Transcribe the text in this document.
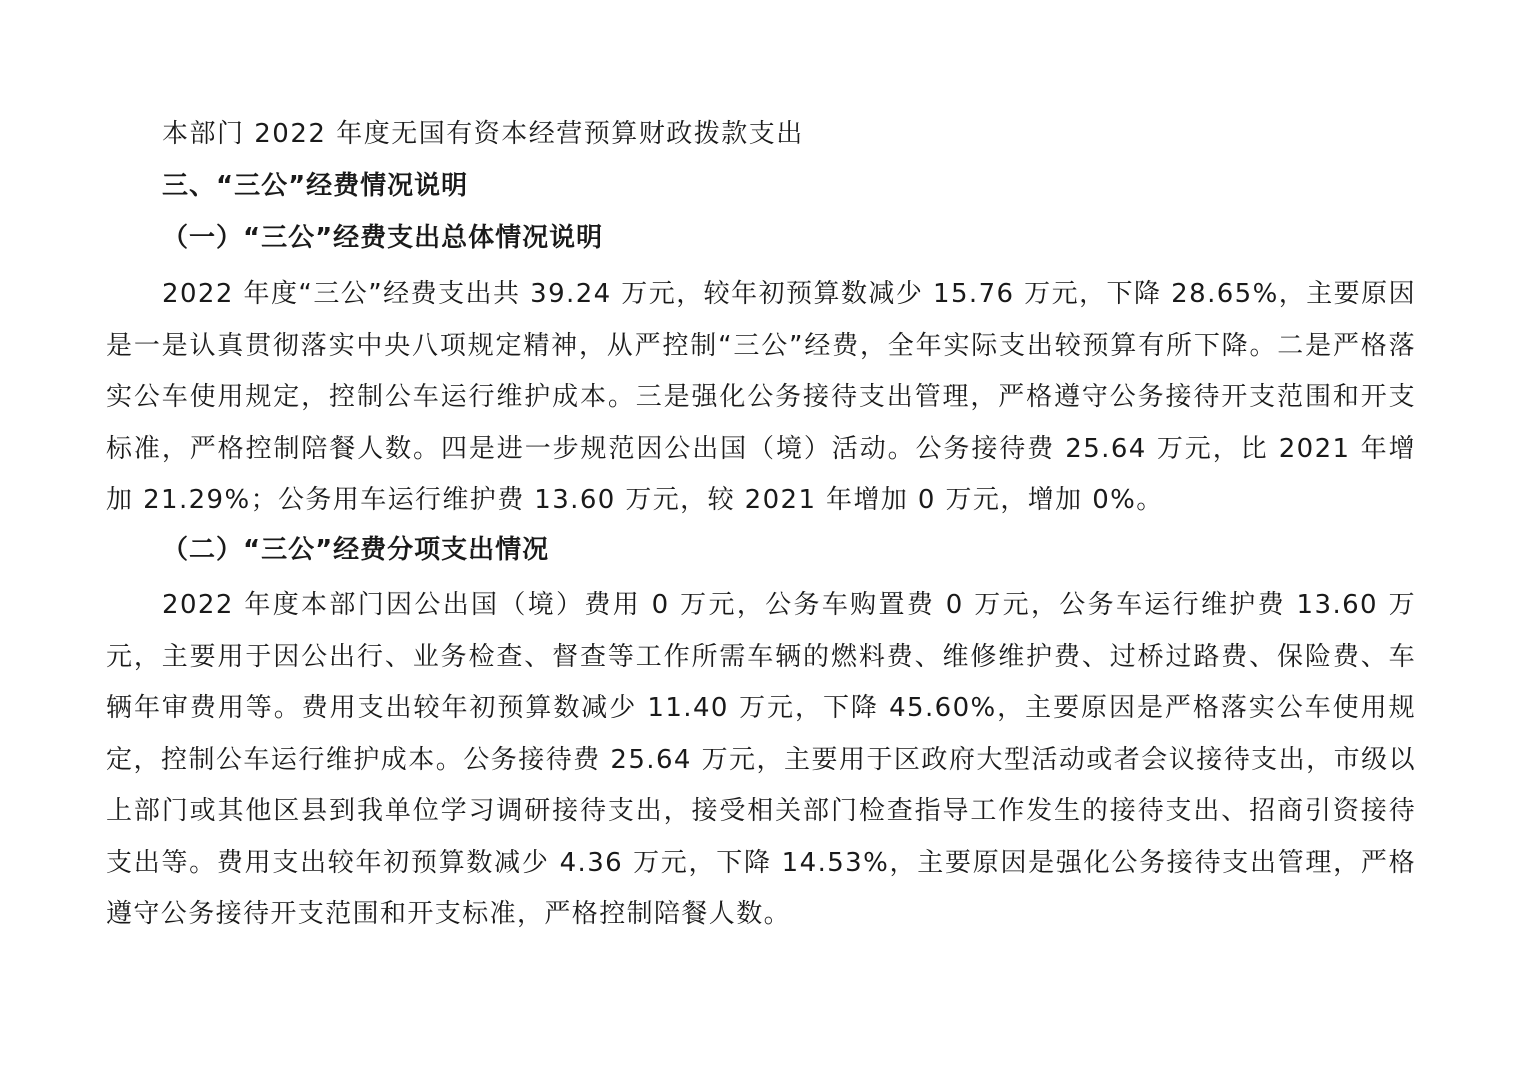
本部门 2022 年度无国有资本经营预算财政拨款支出
三、“三公”经费情况说明
（一）“三公”经费支出总体情况说明

2022 年度“三公”经费支出共 39.24 万元，较年初预算数减少 15.76 万元，下降 28.65%，主要原因是一是认真贯彻落实中央八项规定精神，从严控制“三公”经费，全年实际支出较预算有所下降。二是严格落实公车使用规定，控制公车运行维护成本。三是强化公务接待支出管理，严格遵守公务接待开支范围和开支标准，严格控制陪餐人数。四是进一步规范因公出国（境）活动。公务接待费 25.64 万元，比 2021 年增加 21.29%；公务用车运行维护费 13.60 万元，较 2021 年增加 0 万元，增加 0%。

（二）“三公”经费分项支出情况

2022 年度本部门因公出国（境）费用 0 万元，公务车购置费 0 万元，公务车运行维护费 13.60 万元，主要用于因公出行、业务检查、督查等工作所需车辆的燃料费、维修维护费、过桥过路费、保险费、车辆年审费用等。费用支出较年初预算数减少 11.40 万元，下降 45.60%，主要原因是严格落实公车使用规定，控制公车运行维护成本。公务接待费 25.64 万元，主要用于区政府大型活动或者会议接待支出，市级以上部门或其他区县到我单位学习调研接待支出，接受相关部门检查指导工作发生的接待支出、招商引资接待支出等。费用支出较年初预算数减少 4.36 万元，下降 14.53%，主要原因是强化公务接待支出管理，严格遵守公务接待开支范围和开支标准，严格控制陪餐人数。
